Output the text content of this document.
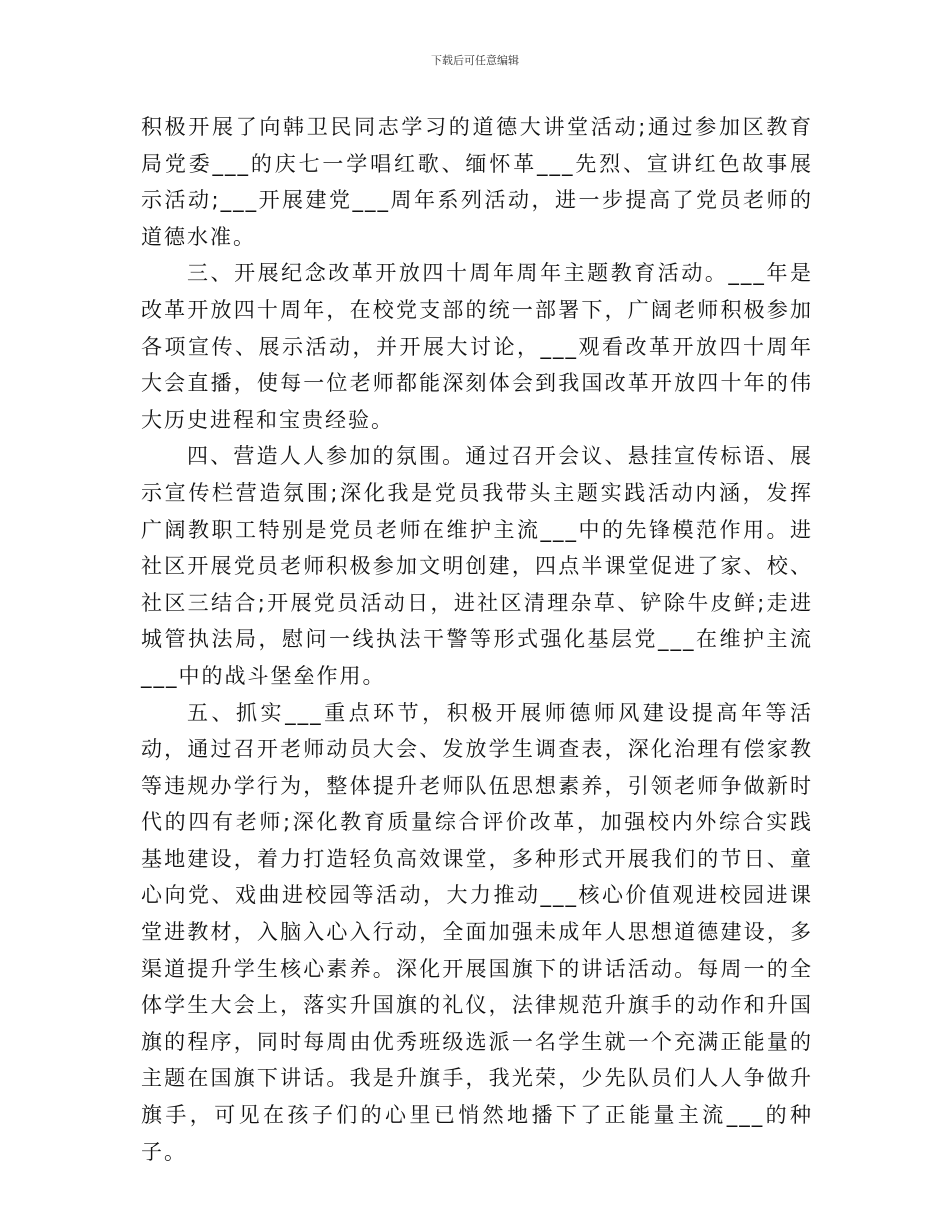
下载后可任意编辑

积极开展了向韩卫民同志学习的道德大讲堂活动;通过参加区教育局党委___的庆七一学唱红歌、缅怀革___先烈、宣讲红色故事展示活动;___开展建党___周年系列活动，进一步提高了党员老师的道德水准。

三、开展纪念改革开放四十周年周年主题教育活动。___年是改革开放四十周年，在校党支部的统一部署下，广阔老师积极参加各项宣传、展示活动，并开展大讨论，___观看改革开放四十周年大会直播，使每一位老师都能深刻体会到我国改革开放四十年的伟大历史进程和宝贵经验。

四、营造人人参加的氛围。通过召开会议、悬挂宣传标语、展示宣传栏营造氛围;深化我是党员我带头主题实践活动内涵，发挥广阔教职工特别是党员老师在维护主流___中的先锋模范作用。进社区开展党员老师积极参加文明创建，四点半课堂促进了家、校、社区三结合;开展党员活动日，进社区清理杂草、铲除牛皮鲜;走进城管执法局，慰问一线执法干警等形式强化基层党___在维护主流___中的战斗堡垒作用。

五、抓实___重点环节，积极开展师德师风建设提高年等活动，通过召开老师动员大会、发放学生调查表，深化治理有偿家教等违规办学行为，整体提升老师队伍思想素养，引领老师争做新时代的四有老师;深化教育质量综合评价改革，加强校内外综合实践基地建设，着力打造轻负高效课堂，多种形式开展我们的节日、童心向党、戏曲进校园等活动，大力推动___核心价值观进校园进课堂进教材，入脑入心入行动，全面加强未成年人思想道德建设，多渠道提升学生核心素养。深化开展国旗下的讲话活动。每周一的全体学生大会上，落实升国旗的礼仪，法律规范升旗手的动作和升国旗的程序，同时每周由优秀班级选派一名学生就一个充满正能量的主题在国旗下讲话。我是升旗手，我光荣，少先队员们人人争做升旗手，可见在孩子们的心里已悄然地播下了正能量主流___的种子。
